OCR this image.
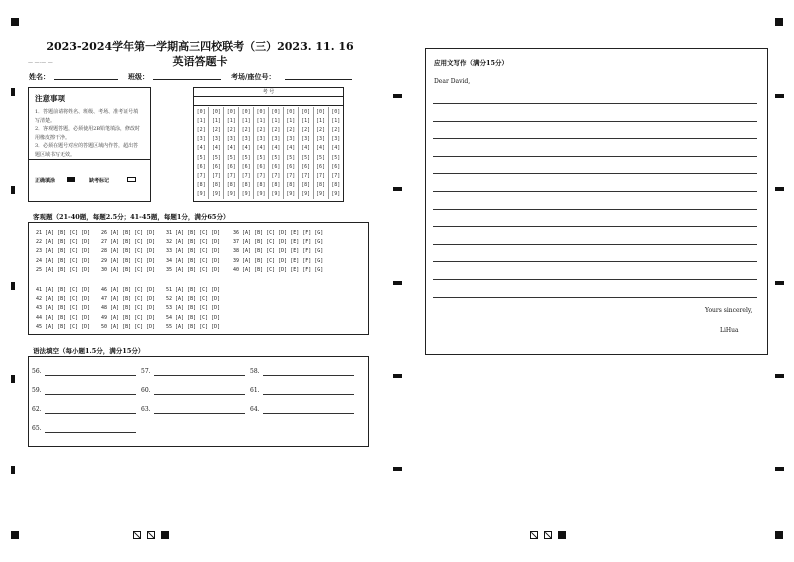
2023-2024学年第一学期高三四校联考（三）2023. 11. 16
英语答题卡
— —·— —
姓名：	班级：	考场/座位号：
注意事项
1．答题前请将姓名、班级、考场、准考证号填写清楚。
2．客观题答题，必须使用2B铅笔填涂，修改时用橡皮擦干净。
3．必须在题号对应的答题区域内作答，超出答题区域书写无效。
正确填涂	缺考标记
考 号
[0]	[0]	[0]	[0]	[0]	[0]	[0]	[0]	[0]	[0]
[1]	[1]	[1]	[1]	[1]	[1]	[1]	[1]	[1]	[1]
[2]	[2]	[2]	[2]	[2]	[2]	[2]	[2]	[2]	[2]
[3]	[3]	[3]	[3]	[3]	[3]	[3]	[3]	[3]	[3]
[4]	[4]	[4]	[4]	[4]	[4]	[4]	[4]	[4]	[4]
[5]	[5]	[5]	[5]	[5]	[5]	[5]	[5]	[5]	[5]
[6]	[6]	[6]	[6]	[6]	[6]	[6]	[6]	[6]	[6]
[7]	[7]	[7]	[7]	[7]	[7]	[7]	[7]	[7]	[7]
[8]	[8]	[8]	[8]	[8]	[8]	[8]	[8]	[8]	[8]
[9]	[9]	[9]	[9]	[9]	[9]	[9]	[9]	[9]	[9]
客观题（21-40题，每题2.5分；41-45题，每题1分，满分65分）
21 [A] [B] [C] [D]
22 [A] [B] [C] [D]
23 [A] [B] [C] [D]
24 [A] [B] [C] [D]
25 [A] [B] [C] [D]
26 [A] [B] [C] [D]
27 [A] [B] [C] [D]
28 [A] [B] [C] [D]
29 [A] [B] [C] [D]
30 [A] [B] [C] [D]
31 [A] [B] [C] [D]
32 [A] [B] [C] [D]
33 [A] [B] [C] [D]
34 [A] [B] [C] [D]
35 [A] [B] [C] [D]
36 [A] [B] [C] [D] [E] [F] [G]
37 [A] [B] [C] [D] [E] [F] [G]
38 [A] [B] [C] [D] [E] [F] [G]
39 [A] [B] [C] [D] [E] [F] [G]
40 [A] [B] [C] [D] [E] [F] [G]
41 [A] [B] [C] [D]
42 [A] [B] [C] [D]
43 [A] [B] [C] [D]
44 [A] [B] [C] [D]
45 [A] [B] [C] [D]
46 [A] [B] [C] [D]
47 [A] [B] [C] [D]
48 [A] [B] [C] [D]
49 [A] [B] [C] [D]
50 [A] [B] [C] [D]
51 [A] [B] [C] [D]
52 [A] [B] [C] [D]
53 [A] [B] [C] [D]
54 [A] [B] [C] [D]
55 [A] [B] [C] [D]
语法填空（每小题1.5分，满分15分）
56.	57.	58.
59.	60.	61.
62.	63.	64.
65.
应用文写作（满分15分）
Dear David,
Yours sincerely,
LiHua
